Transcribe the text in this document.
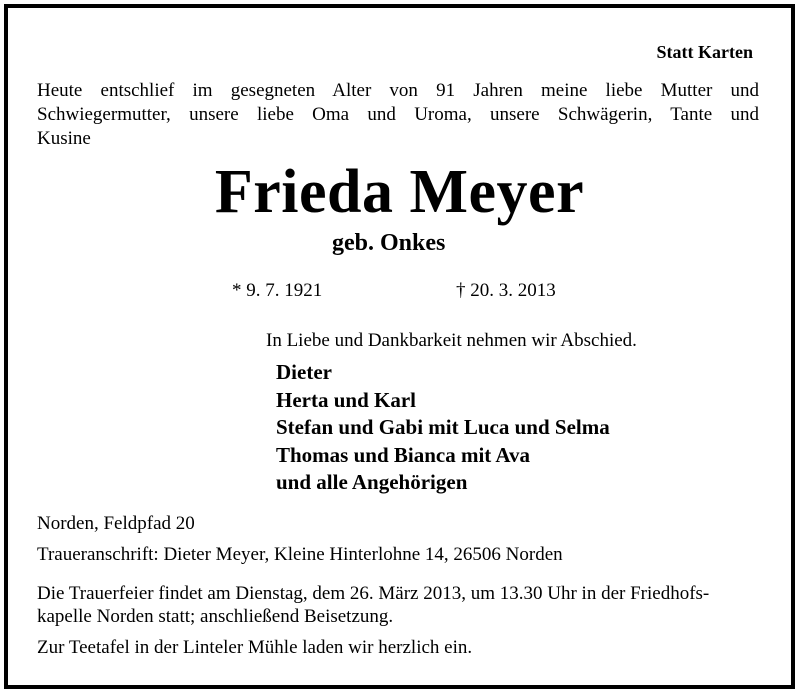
Statt Karten
Heute entschlief im gesegneten Alter von 91 Jahren meine liebe Mutter und
Schwiegermutter, unsere liebe Oma und Uroma, unsere Schwägerin, Tante und
Kusine
Frieda Meyer
geb. Onkes
* 9. 7. 1921	† 20. 3. 2013
In Liebe und Dankbarkeit nehmen wir Abschied.
Dieter
Herta und Karl
Stefan und Gabi mit Luca und Selma
Thomas und Bianca mit Ava
und alle Angehörigen
Norden, Feldpfad 20
Traueranschrift: Dieter Meyer, Kleine Hinterlohne 14, 26506 Norden
Die Trauerfeier findet am Dienstag, dem 26. März 2013, um 13.30 Uhr in der Friedhofs-
kapelle Norden statt; anschließend Beisetzung.
Zur Teetafel in der Linteler Mühle laden wir herzlich ein.
